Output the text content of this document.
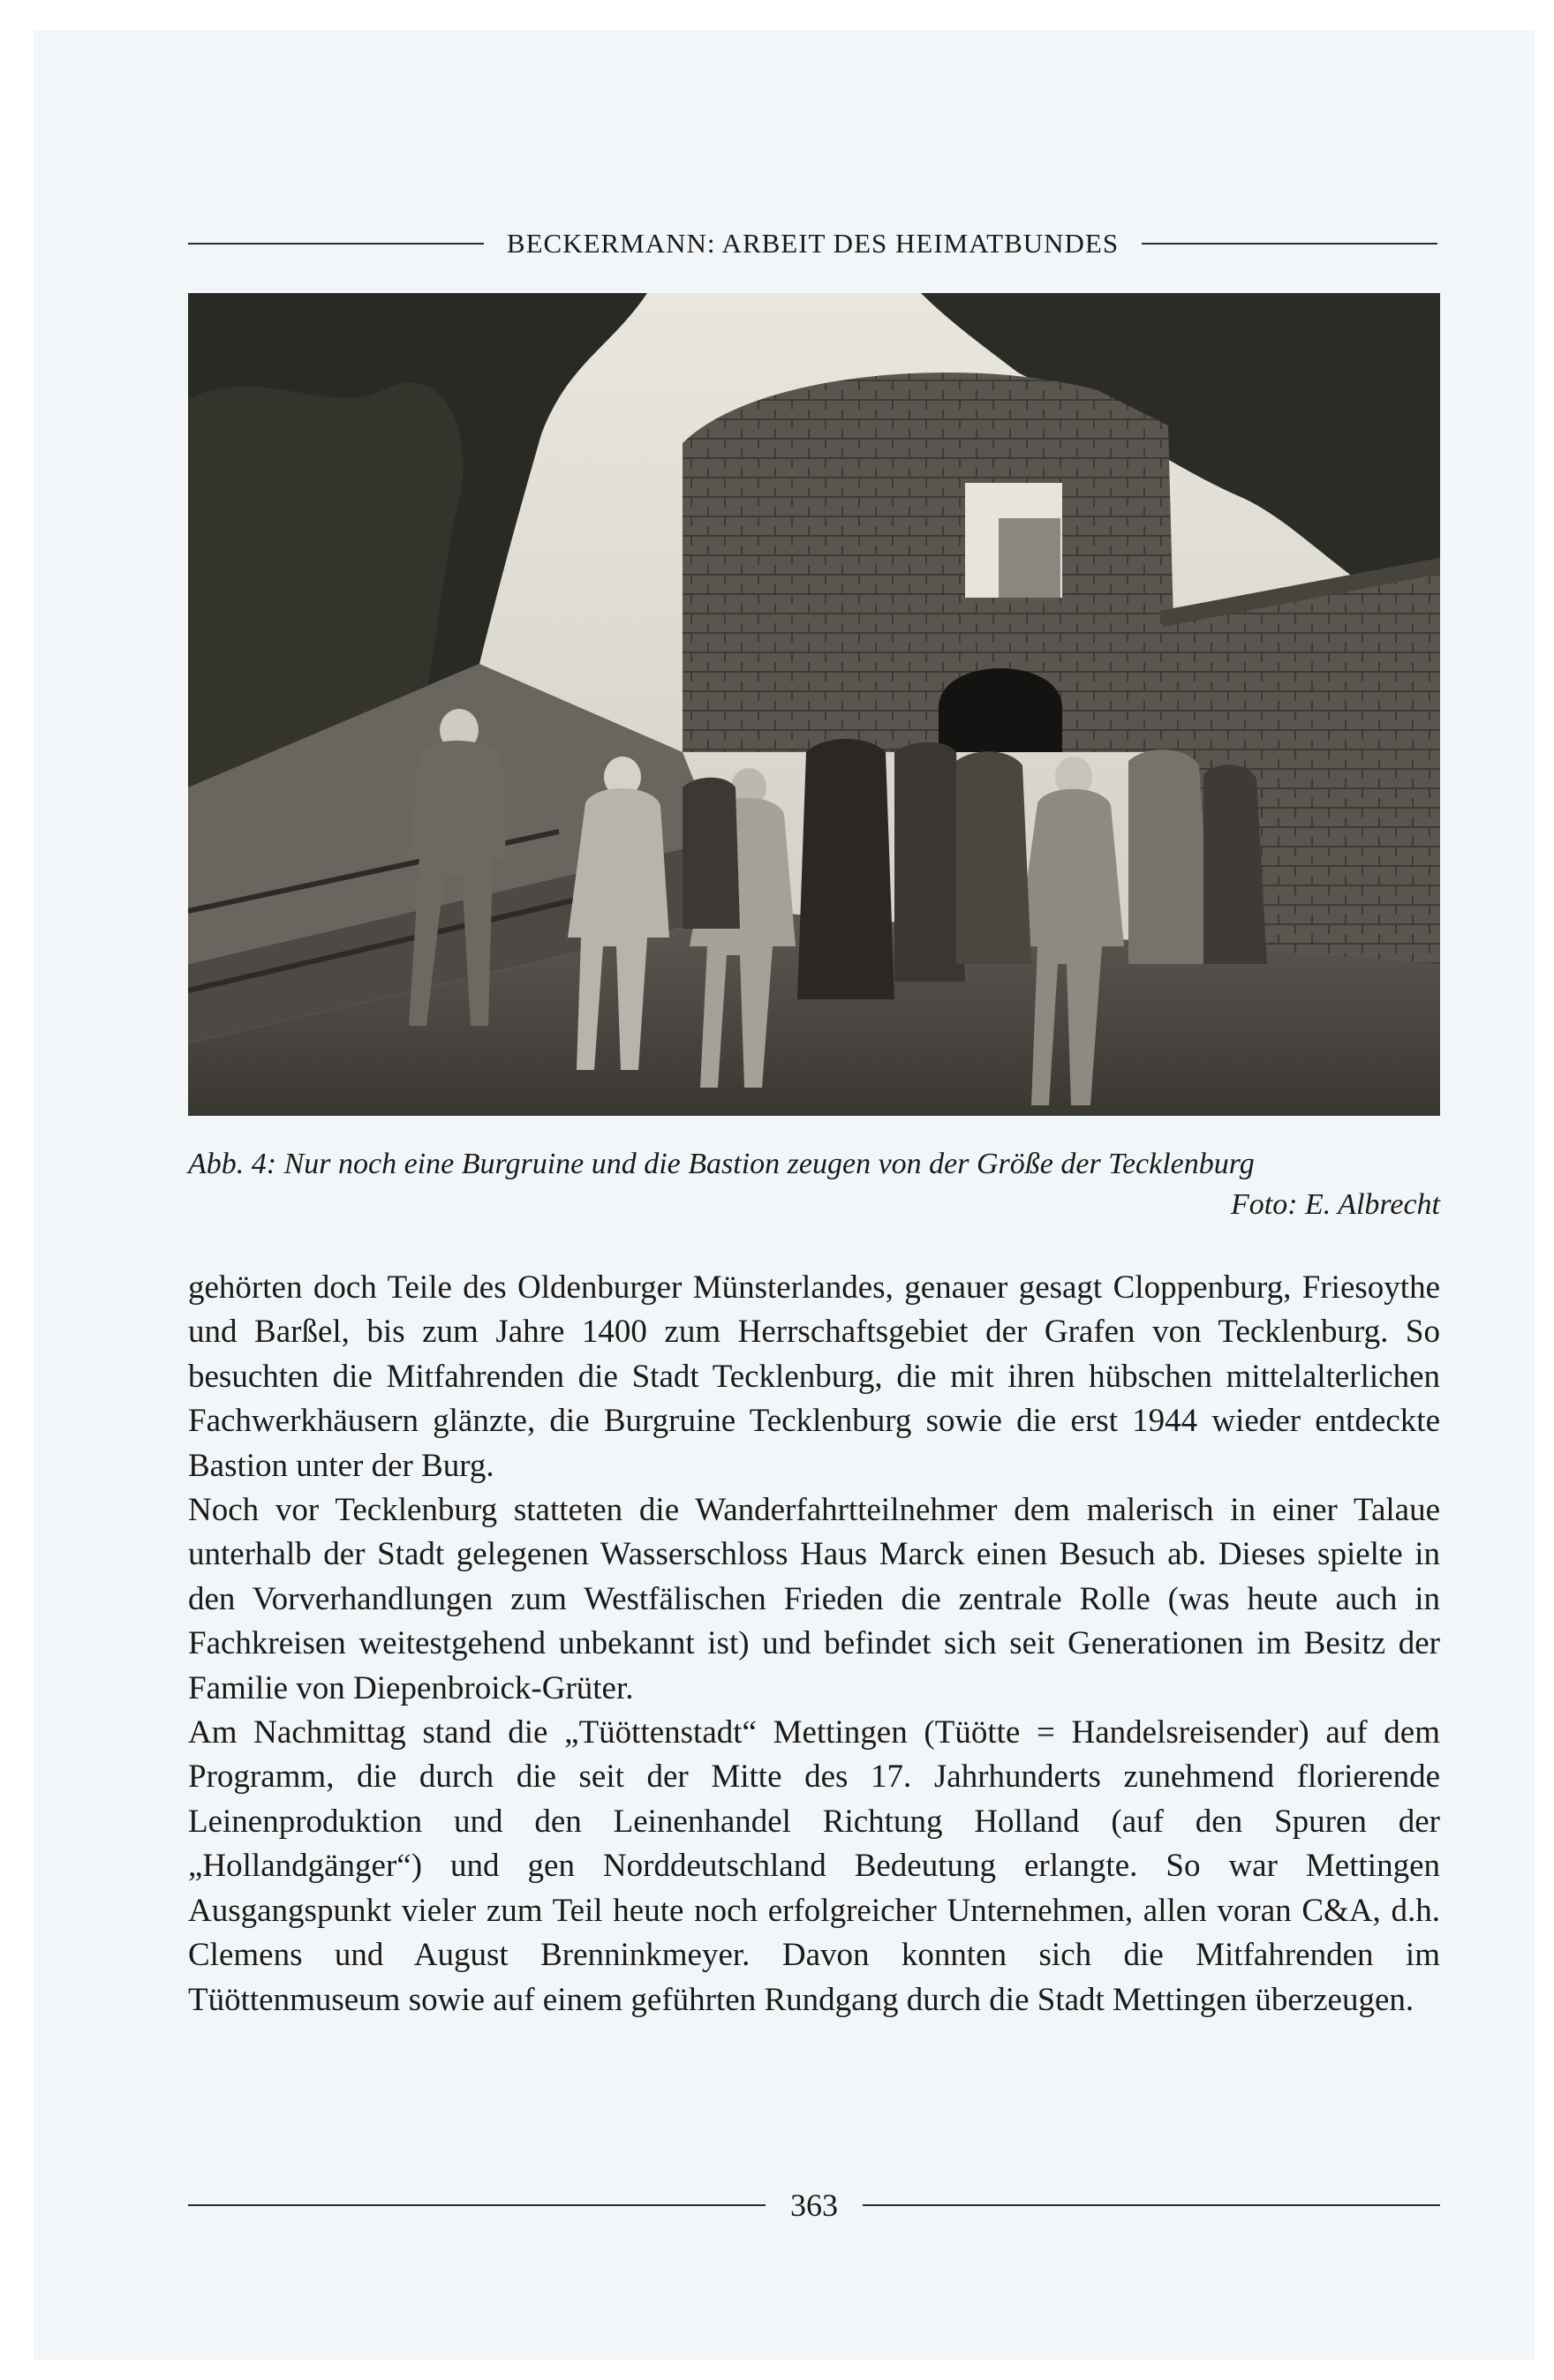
BECKERMANN: ARBEIT DES HEIMATBUNDES
Abb. 4: Nur noch eine Burgruine und die Bastion zeugen von der Größe der Tecklenburg
Foto: E. Albrecht

gehörten doch Teile des Oldenburger Münsterlandes, genauer gesagt Cloppenburg, Friesoythe und Barßel, bis zum Jahre 1400 zum Herrschaftsgebiet der Grafen von Tecklenburg. So besuchten die Mitfahrenden die Stadt Tecklenburg, die mit ihren hübschen mittelalterlichen Fachwerkhäusern glänzte, die Burgruine Tecklenburg sowie die erst 1944 wieder entdeckte Bastion unter der Burg.

Noch vor Tecklenburg statteten die Wanderfahrtteilnehmer dem malerisch in einer Talaue unterhalb der Stadt gelegenen Wasserschloss Haus Marck einen Besuch ab. Dieses spielte in den Vorverhandlungen zum Westfälischen Frieden die zentrale Rolle (was heute auch in Fachkreisen weitestgehend unbekannt ist) und befindet sich seit Generationen im Besitz der Familie von Diepenbroick-Grüter.

Am Nachmittag stand die „Tüöttenstadt“ Mettingen (Tüötte = Handelsreisender) auf dem Programm, die durch die seit der Mitte des 17. Jahrhunderts zunehmend florierende Leinenproduktion und den Leinenhandel Richtung Holland (auf den Spuren der „Hollandgänger“) und gen Norddeutschland Bedeutung erlangte. So war Mettingen Ausgangspunkt vieler zum Teil heute noch erfolgreicher Unternehmen, allen voran C&A, d.h. Clemens und August Brenninkmeyer. Davon konnten sich die Mitfahrenden im Tüöttenmuseum sowie auf einem geführten Rundgang durch die Stadt Mettingen überzeugen.

363
